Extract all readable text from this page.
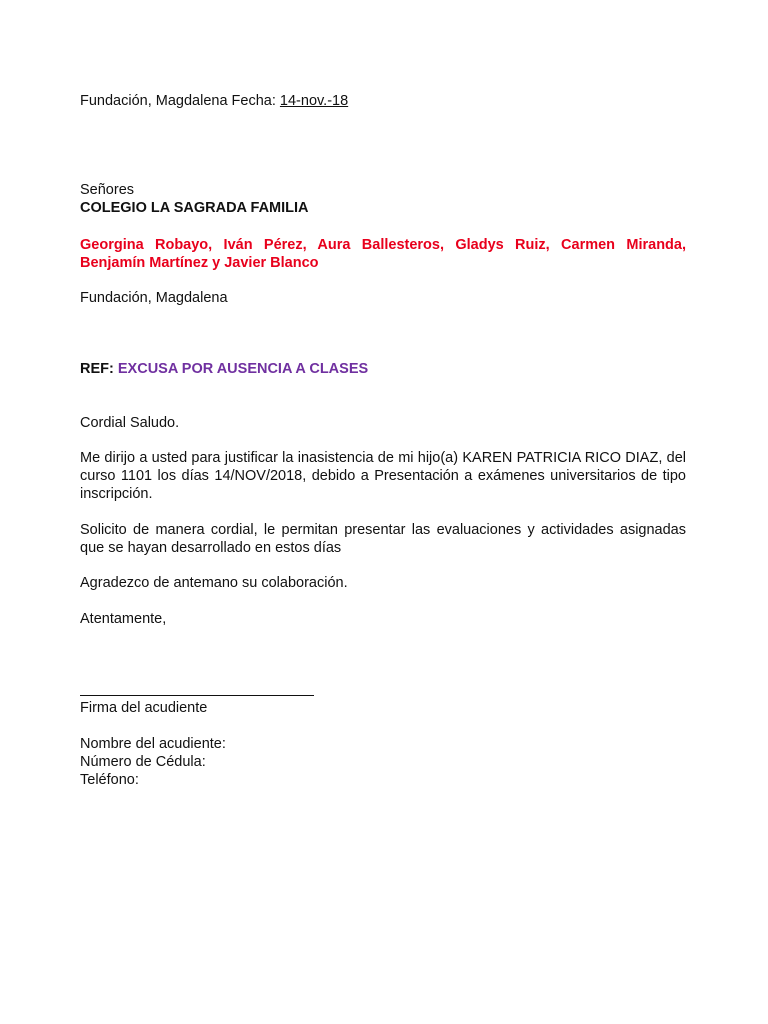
Fundación, Magdalena Fecha: 14-nov.-18
Señores
COLEGIO LA SAGRADA FAMILIA
Georgina Robayo, Iván Pérez, Aura Ballesteros, Gladys Ruiz, Carmen Miranda, Benjamín Martínez y Javier Blanco
Fundación, Magdalena
REF: EXCUSA POR AUSENCIA A CLASES
Cordial Saludo.

Me dirijo a usted para justificar la inasistencia de mi hijo(a) KAREN PATRICIA RICO DIAZ, del curso 1101 los días 14/NOV/2018, debido a Presentación a exámenes universitarios de tipo inscripción.

Solicito de manera cordial, le permitan presentar las evaluaciones y actividades asignadas que se hayan desarrollado en estos días

Agradezco de antemano su colaboración.
Atentamente,
Firma del acudiente
Nombre del acudiente:
Número de Cédula:
Teléfono:
